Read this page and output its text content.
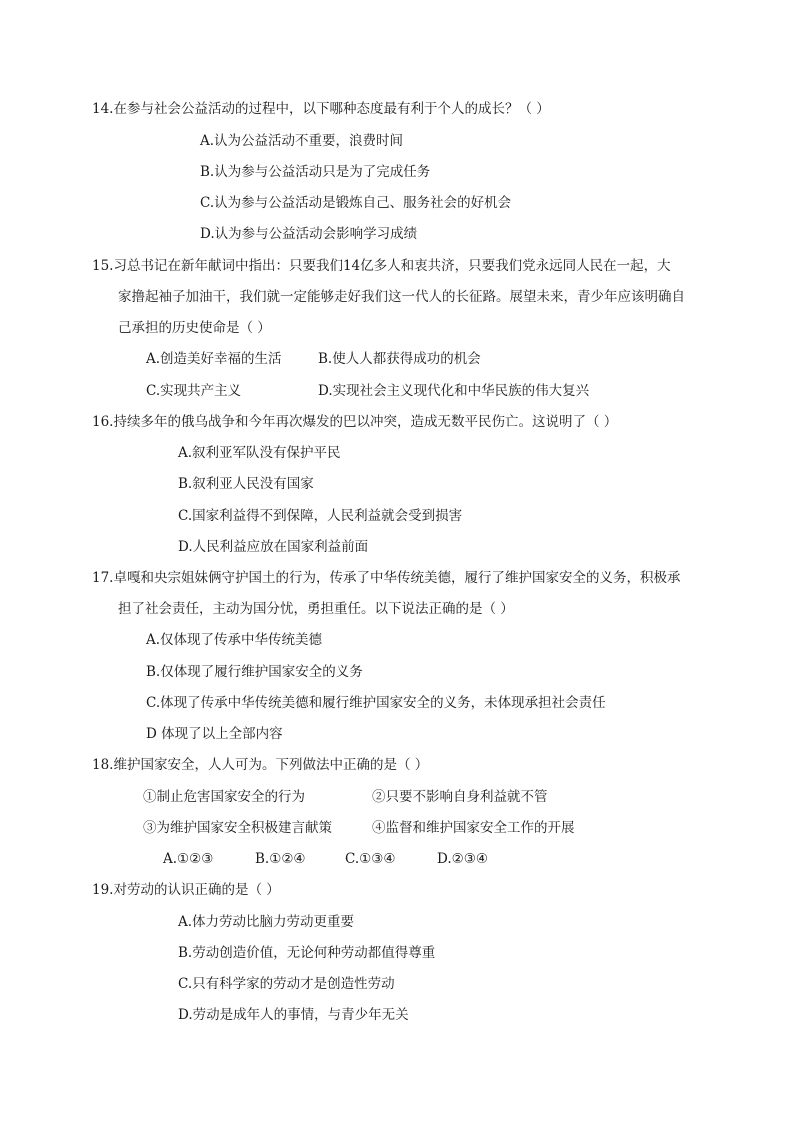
14.在参与社会公益活动的过程中，以下哪种态度最有利于个人的成长？（ ）
A.认为公益活动不重要，浪费时间
B.认为参与公益活动只是为了完成任务
C.认为参与公益活动是锻炼自己、服务社会的好机会
D.认为参与公益活动会影响学习成绩
15.习总书记在新年献词中指出：只要我们14亿多人和衷共济，只要我们党永远同人民在一起，大
家撸起袖子加油干，我们就一定能够走好我们这一代人的长征路。展望未来，青少年应该明确自
己承担的历史使命是（ ）
A.创造美好幸福的生活	B.使人人都获得成功的机会
C.实现共产主义	D.实现社会主义现代化和中华民族的伟大复兴
16.持续多年的俄乌战争和今年再次爆发的巴以冲突，造成无数平民伤亡。这说明了（ ）
A.叙利亚军队没有保护平民
B.叙利亚人民没有国家
C.国家利益得不到保障，人民利益就会受到损害
D.人民利益应放在国家利益前面
17.卓嘎和央宗姐妹俩守护国土的行为，传承了中华传统美德，履行了维护国家安全的义务，积极承
担了社会责任，主动为国分忧，勇担重任。以下说法正确的是（ ）
A.仅体现了传承中华传统美德
B.仅体现了履行维护国家安全的义务
C.体现了传承中华传统美德和履行维护国家安全的义务，未体现承担社会责任
D 体现了以上全部内容
18.维护国家安全，人人可为。下列做法中正确的是（ ）
①制止危害国家安全的行为	②只要不影响自身利益就不管
③为维护国家安全积极建言献策	④监督和维护国家安全工作的开展
A.①②③	B.①②④	C.①③④	D.②③④
19.对劳动的认识正确的是（ ）
A.体力劳动比脑力劳动更重要
B.劳动创造价值，无论何种劳动都值得尊重
C.只有科学家的劳动才是创造性劳动
D.劳动是成年人的事情，与青少年无关
